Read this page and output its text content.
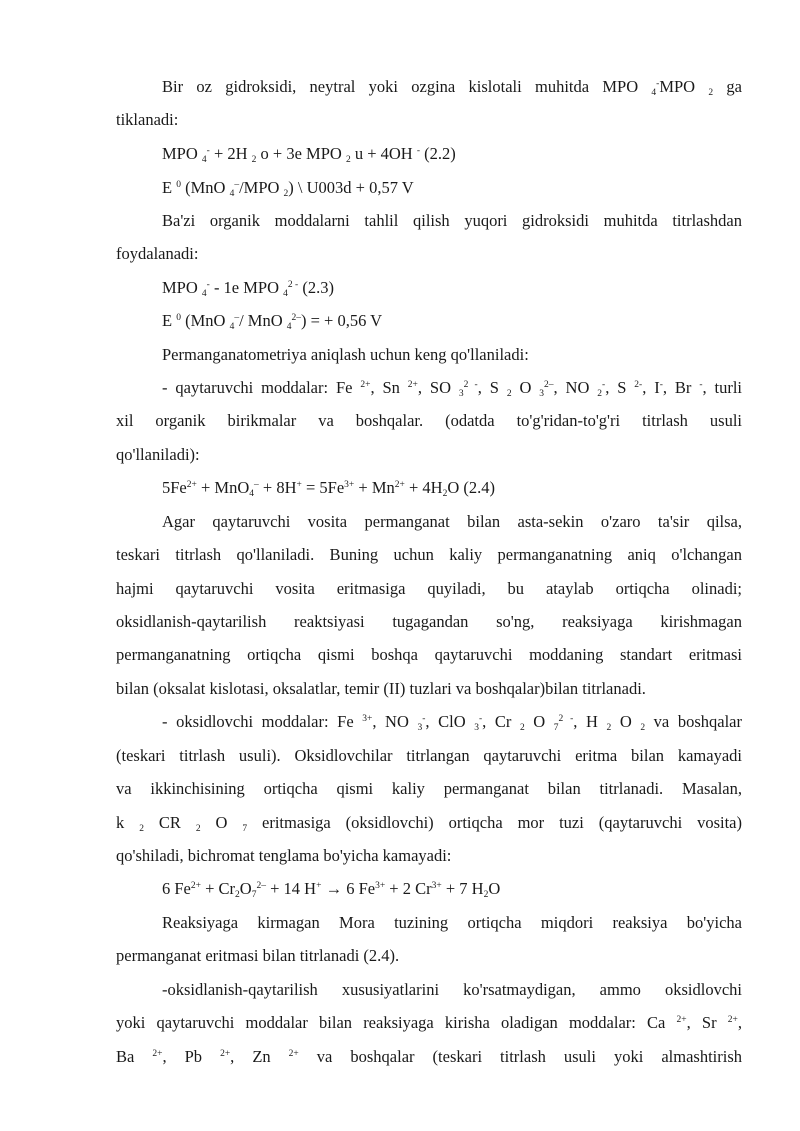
Bir oz gidroksidi, neytral yoki ozgina kislotali muhitda MPO $_4$-MPO $_2$ ga
tiklanadi:
MPO $_4$- + 2H $_2$ o + 3e MPO $_2$ u + 4OH - (2.2)
E $^0$ (MnO $_4$–/MPO $_2$) \ U003d + 0,57 V
Ba'zi organik moddalarni tahlil qilish yuqori gidroksidi muhitda titrlashdan
foydalanadi:
MPO $_4$- - 1e MPO $_4^{2 -}$ (2.3)
E $^0$ (MnO $_4$–/ MnO $_4^{2-}$) = + 0,56 V
Permanganatometriya aniqlash uchun keng qo'llaniladi:
- qaytaruvchi moddalar: Fe $^{2+}$, Sn $^{2+}$, SO $_3^{2 -}$, S $_2$ O $_3^{2-}$, NO $_2$-, S $^{2-}$, I-, Br -, turli
xil organik birikmalar va boshqalar. (odatda to'g'ridan-to'g'ri titrlash usuli
qo'llaniladi):
$5Fe^{2+} + MnO_4^- + 8H^+ = 5Fe^{3+} + Mn^{2+} + 4H_2O$ (2.4)
Agar qaytaruvchi vosita permanganat bilan asta-sekin o'zaro ta'sir qilsa,
teskari titrlash qo'llaniladi. Buning uchun kaliy permanganatning aniq o'lchangan
hajmi qaytaruvchi vosita eritmasiga quyiladi, bu ataylab ortiqcha olinadi;
oksidlanish-qaytarilish reaktsiyasi tugagandan so'ng, reaksiyaga kirishmagan
permanganatning ortiqcha qismi boshqa qaytaruvchi moddaning standart eritmasi
bilan (oksalat kislotasi, oksalatlar, temir (II) tuzlari va boshqalar)bilan titrlanadi.
- oksidlovchi moddalar: Fe $^{3+}$, NO $_3$-, ClO $_3$-, Cr $_2$ O $_7^{2 -}$, H $_2$ O $_2$ va boshqalar
(teskari titrlash usuli). Oksidlovchilar titrlangan qaytaruvchi eritma bilan kamayadi
va ikkinchisining ortiqcha qismi kaliy permanganat bilan titrlanadi. Masalan,
k $_2$ CR $_2$ O $_7$ eritmasiga (oksidlovchi) ortiqcha mor tuzi (qaytaruvchi vosita)
qo'shiladi, bichromat tenglama bo'yicha kamayadi:
6 $Fe^{2+} + Cr_2O_7^{2-} + 14$ H+ → 6 $Fe^{3+} + 2$ $Cr^{3+} + 7$ $H_2O$
Reaksiyaga kirmagan Mora tuzining ortiqcha miqdori reaksiya bo'yicha
permanganat eritmasi bilan titrlanadi (2.4).
-oksidlanish-qaytarilish xususiyatlarini ko'rsatmaydigan, ammo oksidlovchi
yoki qaytaruvchi moddalar bilan reaksiyaga kirisha oladigan moddalar: Ca $^{2+}$, Sr $^{2+}$,
Ba $^{2+}$, Pb $^{2+}$, Zn $^{2+}$ va boshqalar (teskari titrlash usuli yoki almashtirish
